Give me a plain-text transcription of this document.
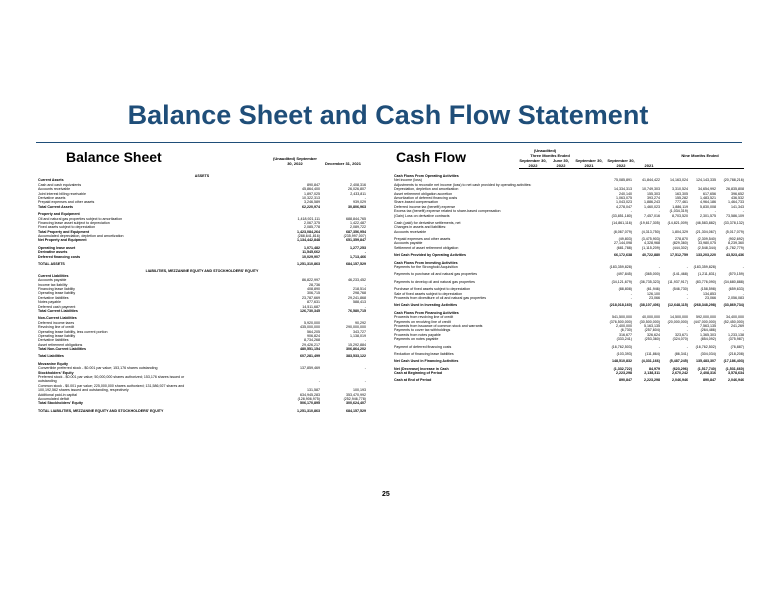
Balance Sheet and Cash Flow Statement
Balance Sheet	(Unaudited) September 30, 2022	December 31, 2021
ASSETS
Current Assets
Cash and cash equivalents	890,847	2,408,316
Accounts receivable	45,864,400	26,026,807
Joint interest billing receivable	1,897,025	2,433,811
Derivative assets	10,322,313	-
Prepaid expenses and other assets	3,246,589	939,029
Total Current Assets	62,220,974	30,806,963
Property and Equipment
Oil and natural gas properties subject to amortization	1,418,921,111	688,844,765
Financing lease asset subject to depreciation	2,067,375	1,422,487
Fixed assets subject to depreciation	2,085,778	2,089,722
Total Property and Equipment	1,423,084,264	687,356,954
Accumulated depreciation, depletion and amortization	(288,641,816)	(235,997,007)
Net Property and Equipment	1,134,442,848	651,359,847
Operating lease asset	1,071,482	1,277,253
Derivative assets	11,545,662	-
Deferred financing costs	10,029,907	1,713,466
TOTAL ASSETS	1,251,310,863	684,157,529
LIABILITIES, MEZZANINE EQUITY AND STOCKHOLDERS' EQUITY
Current Liabilities
Accounts payable	86,822,997	46,233,452
Income tax liability	28,736	-
Financing lease liability	408,890	218,514
Operating lease liability	306,715	298,768
Derivative liabilities	23,787,669	29,241,868
Notes payable	877,631	588,413
Deferred cash payment	14,511,687	-
Total Current Liabilities	126,730,345	76,580,715
Non-Current Liabilities
Deferred income taxes	5,920,000	90,292
Revolving line of credit	435,000,000	290,000,000
Operating lease liability, less current portion	564,205	343,727
Operating lease liability	906,824	1,138,019
Derivative liabilities	8,734,268	-
Asset retirement obligations	29,426,217	15,292,884
Total Non-Current Liabilities	480,551,154	306,864,202
Total Liabilities	607,281,499	383,533,122
Mezzanine Equity
Convertible preferred stock - $0.001 par value; 153,176 shares outstanding	137,859,469	-
Stockholders' Equity
Preferred stock - $0.001 par value; 50,000,000 shares authorized; 153,176 shares issued or
outstanding	-	-
Common stock - $0.001 par value; 225,000,000 shares authorized; 131,586,927 shares and
100,192,562 shares issued and outstanding, respectively	131,587	100,193
Additional paid-in capital	634,945,283	353,470,992
Accumulated deficit	(128,906,975)	(252,946,778)
Total Stockholders' Equity	506,170,895	300,624,407
TOTAL LIABILITIES, MEZZANINE EQUITY AND STOCKHOLDERS' EQUITY	1,251,310,863	684,157,529
25
Cash Flow	(Unaudited)
Three Months Ended	Nine Months Ended
September 30,	June 30,	September 30, September 30,
2022	2022	2021	2022	2021
Cash Flows From Operating Activities
Net income (loss)	75,085,891	41,844,422	14,163,024	124,143,335	(20,788,216)
Adjustments to reconcile net income (loss) to net cash provided by operating activities:
Depreciation, depletion and amortization	14,334,313	10,749,303	3,310,524	34,654,992	26,835,808
Asset retirement obligation accretion	240,140	155,303	163,305	617,656	396,652
Amortization of deferred financing costs	1,063,075	393,274	155,282	1,483,521	436,532
Share-based compensation	1,043,023	1,886,243	777,461	4,964,186	1,464,733
Deferred income tax (benefit) expense	4,278,047	1,460,023	1,886,119	5,830,008	141,343
Excess tax (benefit) expense related to share-based compensation	-	-	(1,034,319)	-	-
(Gain) Loss on derivative contracts	(33,851,180)	7,457,016	8,703,520	2,301,575	73,586,109
Cash (paid) for derivative settlements, net	(14,861,116)	(19,617,305)	(14,821,009)	(46,583,882)	(33,378,132)
Changes in assets and liabilities:
Accounts receivable	(8,067,079)	(4,313,750)	1,804,329	(21,304,067)	(5,017,079)
Prepaid expenses and other assets	(49,803)	(3,475,903)	278,870	(2,309,540)	(902,692)
Accounts payable	27,144,098	4,328,968	(829,360)	33,980,075	8,239,360
Settlement of asset retirement obligation	(681,788)	(1,115,209)	(444,302)	(2,548,344)	(1,782,779)
Net Cash Provided by Operating Activities	66,172,638	40,722,880	17,512,759	133,203,220	43,523,436
Cash Flows From Investing Activities
Payments for the Stronghold Acquisition	(183,359,828)	-	-	(183,359,828)	-
Payments to purchase oil and natural gas properties	(497,845)	(365,000)	(141,468)	(1,211,831)	(570,159)
Payments to develop oil and natural gas properties	(34,121,679)	(36,735,323)	(11,937,917)	(83,776,090)	(34,680,888)
Purchase of fixed assets subject to depreciation	(88,808)	(61,946)	(546,730)	(158,598)	(659,633)
Sale of fixed assets subject to depreciation	-	126,100	-	134,853	-
Proceeds from divestiture of oil and natural gas properties	-	23,066	-	23,066	2,056,083
Net Cash Used in Investing Activities	(218,018,160)	(38,107,406)	(12,648,115)	(268,348,298)	(33,869,734)
Cash Flows From Financing Activities
Proceeds from revolving line of credit	541,500,000	40,000,000	14,500,000	592,000,000	34,400,000
Payments on revolving line of credit	(376,500,000)	(30,500,000)	(20,000,000)	(447,000,000)	(52,450,000)
Proceeds from issuance of common stock and warrants	2,400,000	5,163,135	-	7,563,135	241,269
Payments to cover tax withholdings	(6,730)	(257,604)	-	(264,486)	-
Proceeds from notes payable	316,677	326,624	323,671	1,365,303	1,233,138
Payments on notes payable	(333,241)	(253,360)	(324,070)	(854,092)	(375,987)
Payment of deferred financing costs	(16,762,503)	-	-	(16,762,502)	(76,887)
Reduction of financing lease liabilities	(103,393)	(111,864)	(86,341)	(304,034)	(218,208)
Net Cash Used in Financing Activities	148,510,832	(4,331,166)	(5,487,245)	135,483,307	(17,186,403)
Net (Decrease) Increase in Cash	(1,332,722)	84,979	(623,296)	(1,517,740)	(1,531,660)
Cash at Beginning of Period	2,223,298	2,138,311	2,670,242	2,408,316	3,578,634
Cash at End of Period	890,847	2,223,298	2,046,946	890,847	2,046,946
